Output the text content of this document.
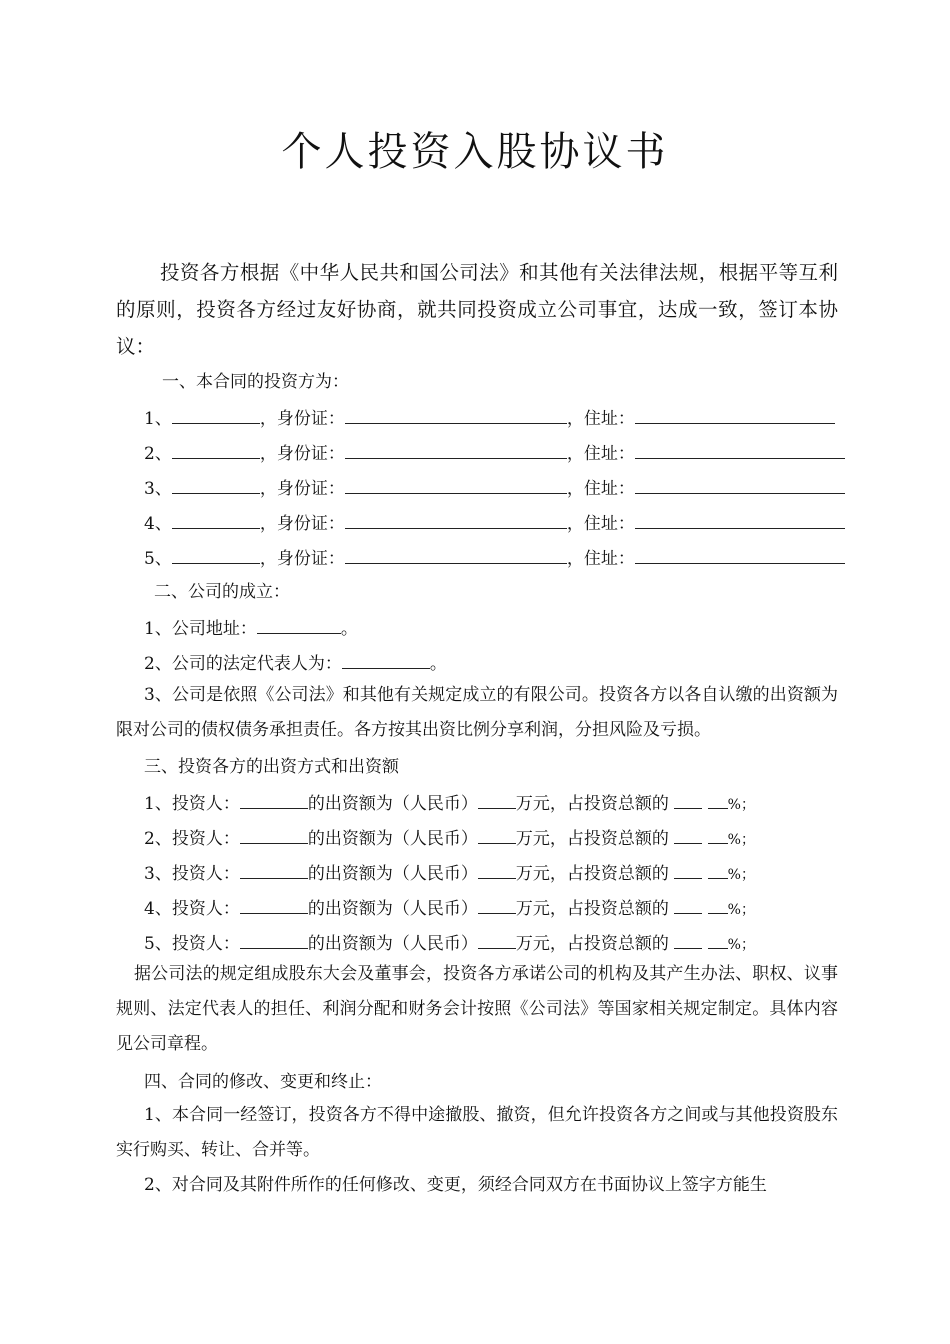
个人投资入股协议书
投资各方根据《中华人民共和国公司法》和其他有关法律法规，根据平等互利的原则，投资各方经过友好协商，就共同投资成立公司事宜，达成一致，签订本协议：
一、本合同的投资方为：
1、	，身份证：	，住址：
2、	，身份证：	，住址：
3、	，身份证：	，住址：
4、	，身份证：	，住址：
5、	，身份证：	，住址：
二、公司的成立：
1、公司地址：	。
2、公司的法定代表人为：	。
3、公司是依照《公司法》和其他有关规定成立的有限公司。投资各方以各自认缴的出资额为限对公司的债权债务承担责任。各方按其出资比例分享利润，分担风险及亏损。
三、投资各方的出资方式和出资额
1、投资人：	的出资额为（人民币） 万元，占投资总额的	%；
2、投资人：	的出资额为（人民币） 万元，占投资总额的	%；
3、投资人：	的出资额为（人民币） 万元，占投资总额的	%；
4、投资人：	的出资额为（人民币） 万元，占投资总额的	%；
5、投资人：	的出资额为（人民币） 万元，占投资总额的	%；
据公司法的规定组成股东大会及董事会，投资各方承诺公司的机构及其产生办法、职权、议事规则、法定代表人的担任、利润分配和财务会计按照《公司法》等国家相关规定制定。具体内容见公司章程。
四、合同的修改、变更和终止：
1、本合同一经签订，投资各方不得中途撤股、撤资，但允许投资各方之间或与其他投资股东实行购买、转让、合并等。
2、对合同及其附件所作的任何修改、变更，须经合同双方在书面协议上签字方能生
